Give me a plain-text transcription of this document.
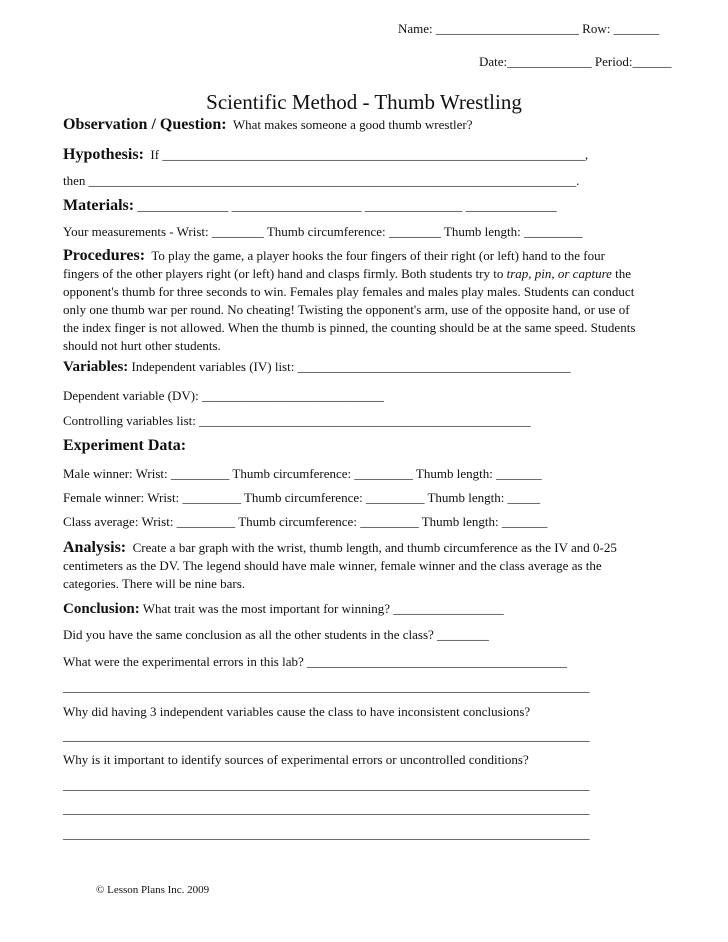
Name: ______________________ Row: _______
Date:_____________ Period:______
Scientific Method - Thumb Wrestling
Observation / Question: What makes someone a good thumb wrestler?
Hypothesis: If _________________________________________________________________,
then ___________________________________________________________________________.
Materials: ______________ ____________________ _______________ ______________
Your measurements - Wrist: ________ Thumb circumference: ________ Thumb length: _________
Procedures: To play the game, a player hooks the four fingers of their right (or left) hand to the four fingers of the other players right (or left) hand and clasps firmly. Both students try to trap, pin, or capture the opponent's thumb for three seconds to win. Females play females and males play males. Students can conduct only one thumb war per round. No cheating! Twisting the opponent's arm, use of the opposite hand, or use of the index finger is not allowed. When the thumb is pinned, the counting should be at the same speed. Students should not hurt other students.
Variables: Independent variables (IV) list: __________________________________________
Dependent variable (DV): ____________________________
Controlling variables list: ___________________________________________________
Experiment Data:
Male winner: Wrist: _________ Thumb circumference: _________ Thumb length: _______
Female winner: Wrist: _________ Thumb circumference: _________ Thumb length: _____
Class average: Wrist: _________ Thumb circumference: _________ Thumb length: _______
Analysis: Create a bar graph with the wrist, thumb length, and thumb circumference as the IV and 0-25 centimeters as the DV. The legend should have male winner, female winner and the class average as the categories. There will be nine bars.
Conclusion: What trait was the most important for winning? _________________
Did you have the same conclusion as all the other students in the class? ________
What were the experimental errors in this lab? ________________________________________
_________________________________________________________________________________
Why did having 3 independent variables cause the class to have inconsistent conclusions?
_________________________________________________________________________________
Why is it important to identify sources of experimental errors or uncontrolled conditions?
_________________________________________________________________________________
_________________________________________________________________________________
_________________________________________________________________________________
© Lesson Plans Inc. 2009
